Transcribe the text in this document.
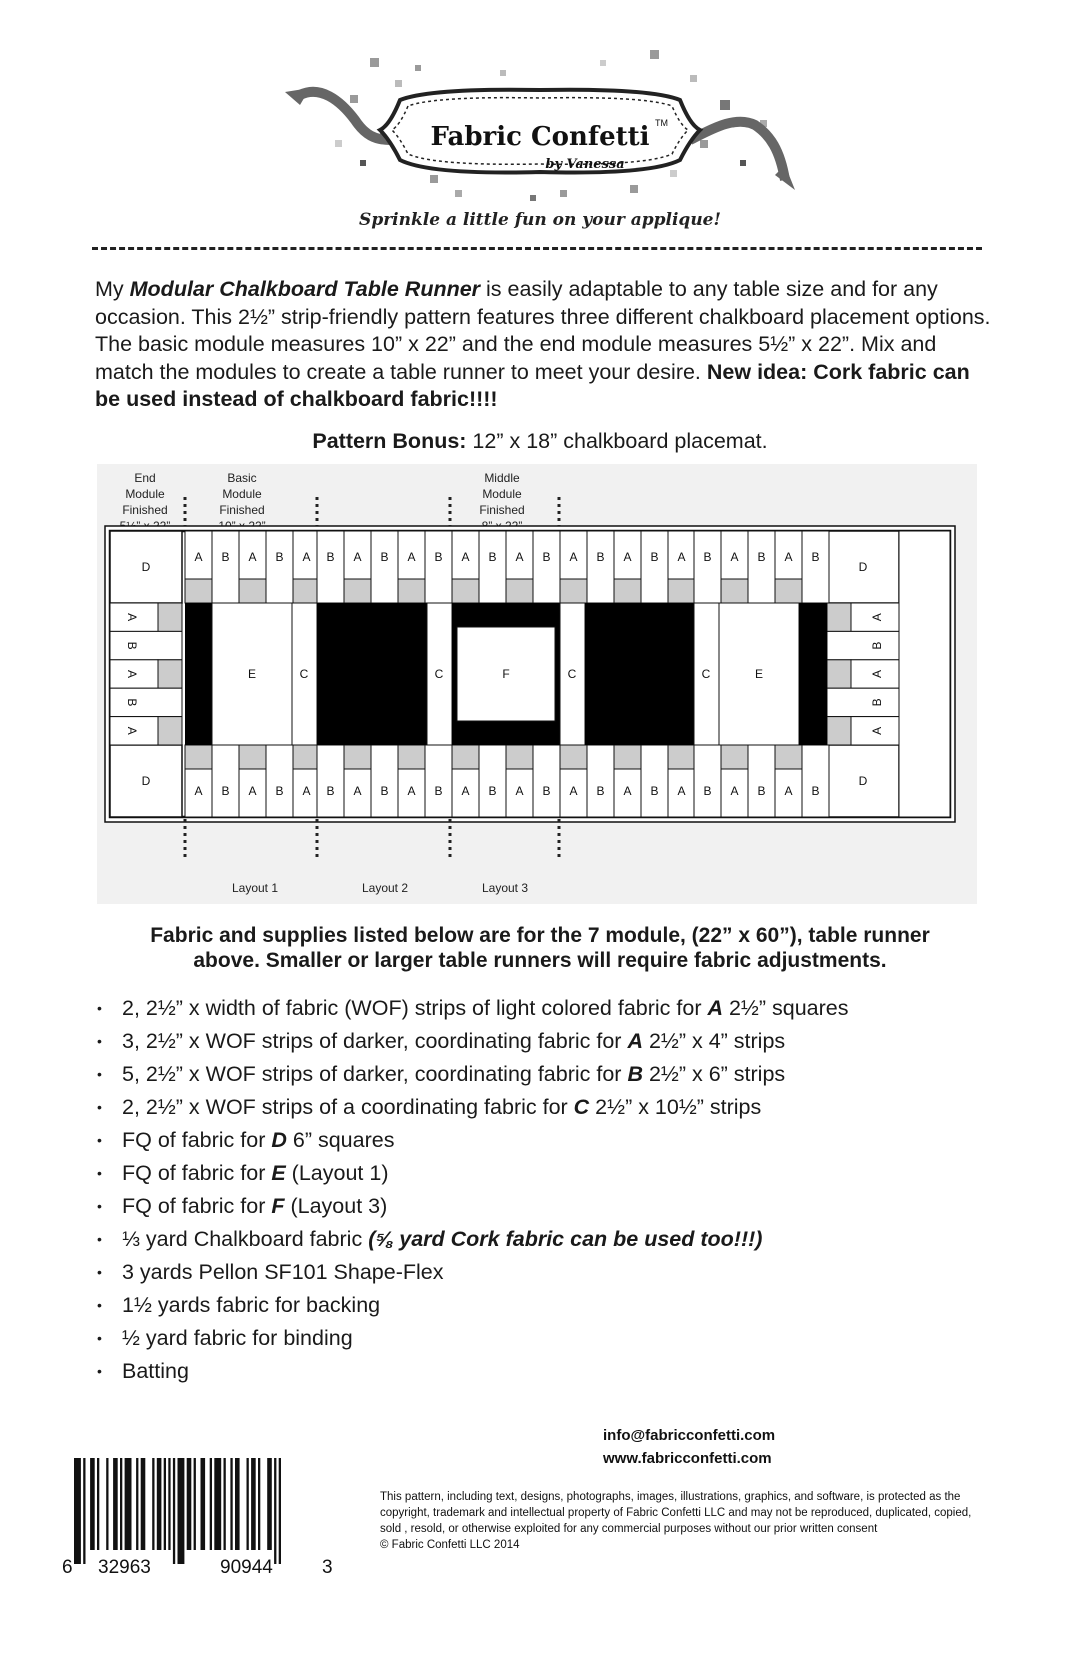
Fabric Confetti TM
by Vanessa
Sprinkle a little fun on your applique!
My Modular Chalkboard Table Runner is easily adaptable to any table size and for any occasion. This 2½” strip-friendly pattern features three different chalkboard placement options. The basic module measures 10” x 22” and the end module measures 5½” x 22”. Mix and match the modules to create a table runner to meet your desire. New idea: Cork fabric can be used instead of chalkboard fabric!!!!
Pattern Bonus: 12” x 18” chalkboard placemat.
End
Module
Finished
Basic
Module
Finished
Middle
Module
Finished
D
D
A
B
A
B
A
D
D
A
B
A
B
A
A
A
B
B
A
A
B
B
A
A
B
B
A
A
B
B
A
A
B
B
A
A
B
B
A
A
B
B
A
A
B
B
A
A
B
B
A
A
B
B
A
A
B
B
A
A
B
B
E	C	C	F	C	C	E
Layout 1	Layout 2	Layout 3
Fabric and supplies listed below are for the 7 module, (22” x 60”), table runner
above. Smaller or larger table runners will require fabric adjustments.
• 2, 2½” x width of fabric (WOF) strips of light colored fabric for A 2½” squares
• 3, 2½” x WOF strips of darker, coordinating fabric for A 2½” x 4” strips
• 5, 2½” x WOF strips of darker, coordinating fabric for B 2½” x 6” strips
• 2, 2½” x WOF strips of a coordinating fabric for C 2½” x 10½” strips
• FQ of fabric for D 6” squares
• FQ of fabric for E (Layout 1)
• FQ of fabric for F (Layout 3)
• ⅓ yard Chalkboard fabric (⅝ yard Cork fabric can be used too!!!)
• 3 yards Pellon SF101 Shape-Flex
• 1½ yards fabric for backing
• ½ yard fabric for binding
• Batting
info@fabricconfetti.com
www.fabricconfetti.com
This pattern, including text, designs, photographs, images, illustrations, graphics, and software, is protected as the copyright, trademark and intellectual property of Fabric Confetti LLC and may not be reproduced, duplicated, copied, sold , resold, or otherwise exploited for any commercial purposes without our prior written consent
© Fabric Confetti LLC 2014
6 32963	90944	3
